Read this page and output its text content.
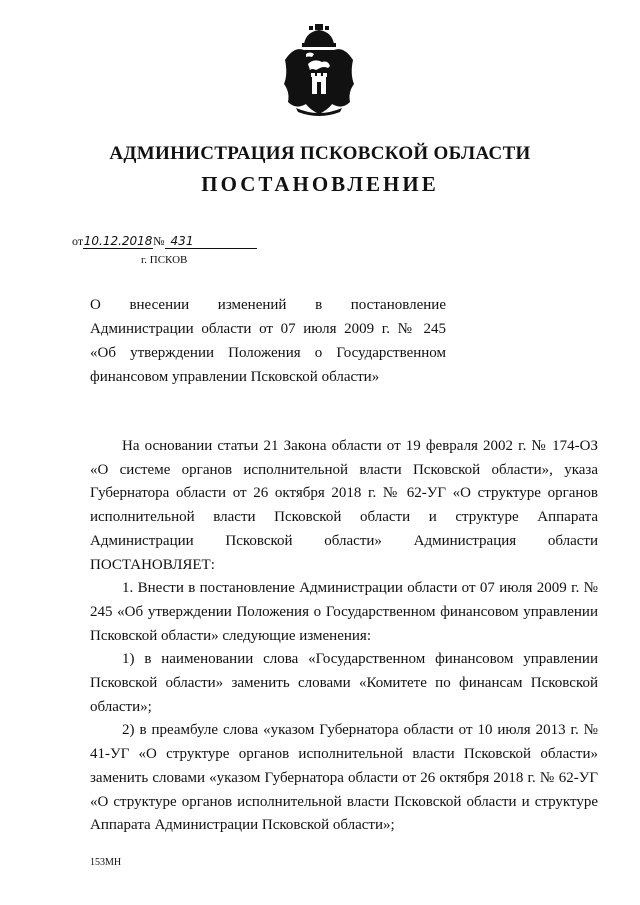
АДМИНИСТРАЦИЯ ПСКОВСКОЙ ОБЛАСТИ
ПОСТАНОВЛЕНИЕ
от10.12.2018№ 431
г. ПСКОВ
О внесении изменений в постановление
Администрации области от 07 июля 2009 г. № 245
«Об утверждении Положения о Государственном
финансовом управлении Псковской области»

На основании статьи 21 Закона области от 19 февраля 2002 г. № 174-ОЗ «О системе органов исполнительной власти Псковской области», указа Губернатора области от 26 октября 2018 г. № 62-УГ «О структуре органов исполнительной власти Псковской области и структуре Аппарата Администрации Псковской области» Администрация области ПОСТАНОВЛЯЕТ:

1. Внести в постановление Администрации области от 07 июля 2009 г. № 245 «Об утверждении Положения о Государственном финансовом управлении Псковской области» следующие изменения:

1) в наименовании слова «Государственном финансовом управлении Псковской области» заменить словами «Комитете по финансам Псковской области»;

2) в преамбуле слова «указом Губернатора области от 10 июля 2013 г. № 41-УГ «О структуре органов исполнительной власти Псковской области» заменить словами «указом Губернатора области от 26 октября 2018 г. № 62-УГ «О структуре органов исполнительной власти Псковской области и структуре Аппарата Администрации Псковской области»;

153МН
